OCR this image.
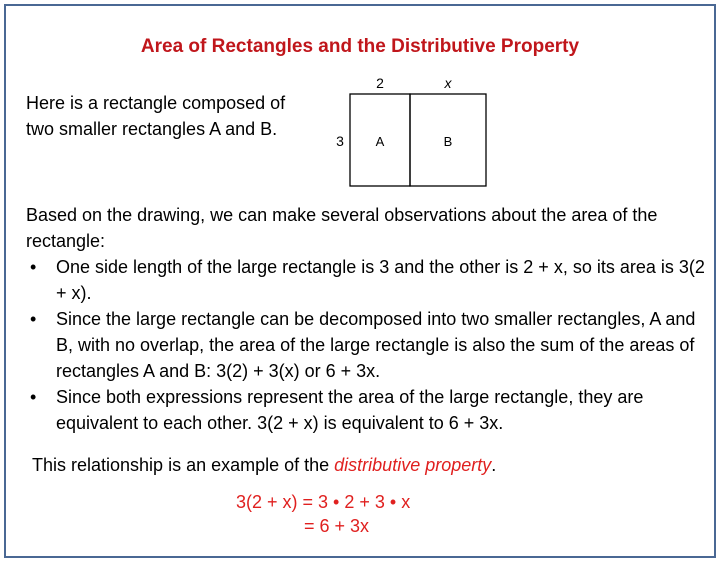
Area of Rectangles and the Distributive Property
Here is a rectangle composed of two smaller rectangles A and B.
2	x
3 A	B
Based on the drawing, we can make several observations about the area of the rectangle:
• One side length of the large rectangle is 3 and the other is 2 + x, so its area is 3(2 + x).
• Since the large rectangle can be decomposed into two smaller rectangles, A and B, with no overlap, the area of the large rectangle is also the sum of the areas of rectangles A and B: 3(2) + 3(x) or 6 + 3x.
• Since both expressions represent the area of the large rectangle, they are equivalent to each other. 3(2 + x) is equivalent to 6 + 3x.
This relationship is an example of the distributive property.
3(2 + x) = 3 • 2 + 3 • x
= 6 + 3x
